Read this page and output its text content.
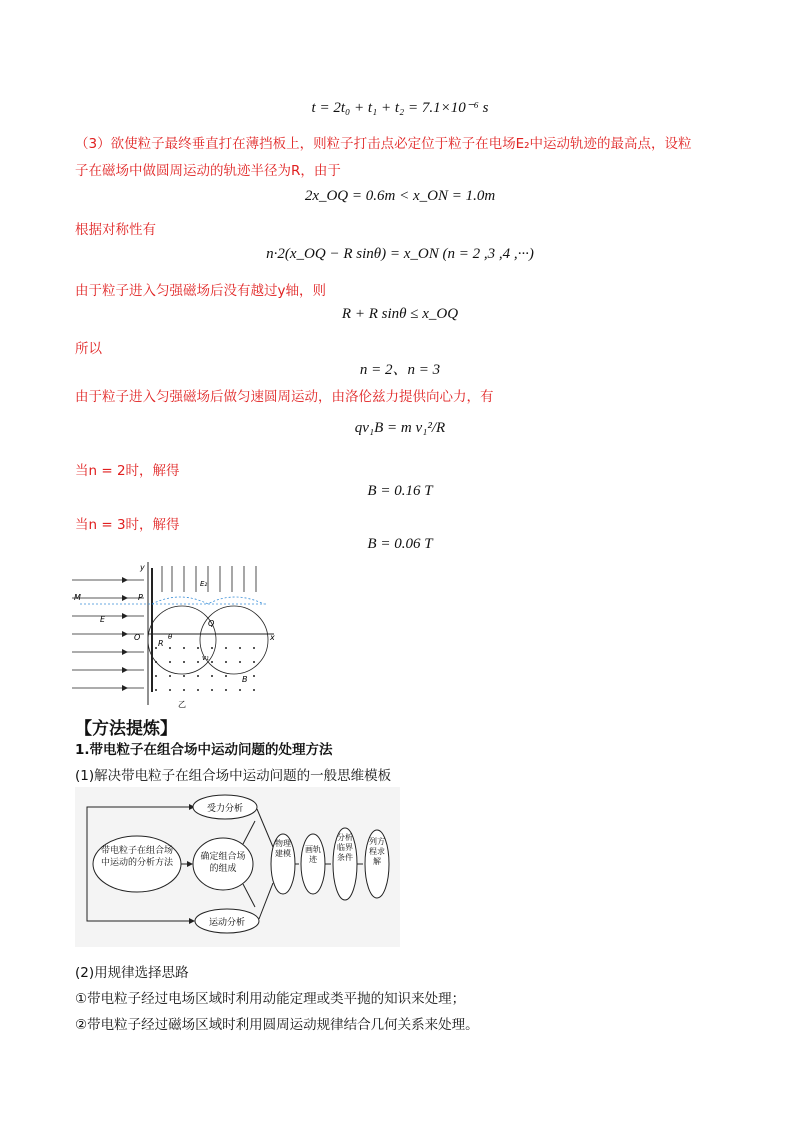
t = 2t₀ + t₁ + t₂ = 7.1×10⁻⁶ s
（3）欲使粒子最终垂直打在薄挡板上，则粒子打击点必定位于粒子在电场E₂中运动轨迹的最高点，设粒
子在磁场中做圆周运动的轨迹半径为R，由于
2x_OQ = 0.6m < x_ON = 1.0m
根据对称性有
n·2(x_OQ − R sinθ) = x_ON (n = 2 ,3 ,4 ,···)
由于粒子进入匀强磁场后没有越过y轴，则
R + R sinθ ≤ x_OQ
所以
n = 2、n = 3
由于粒子进入匀强磁场后做匀速圆周运动，由洛伦兹力提供向心力，有
qv₁B = m v₁²/R
当n = 2时，解得
B = 0.16 T
当n = 3时，解得
B = 0.06 T
y
x
M	P
E
O
E₂
Q
R
θ
v₁
B
乙
【方法提炼】
1.带电粒子在组合场中运动问题的处理方法
(1)解决带电粒子在组合场中运动问题的一般思维模板
带电粒子在组合场中运动的分析方法
确定组合场的组成
受力分析
运动分析
物理建模 画轨迹
分析临界条件
列方程求解
(2)用规律选择思路
①带电粒子经过电场区域时利用动能定理或类平抛的知识来处理；
②带电粒子经过磁场区域时利用圆周运动规律结合几何关系来处理。
